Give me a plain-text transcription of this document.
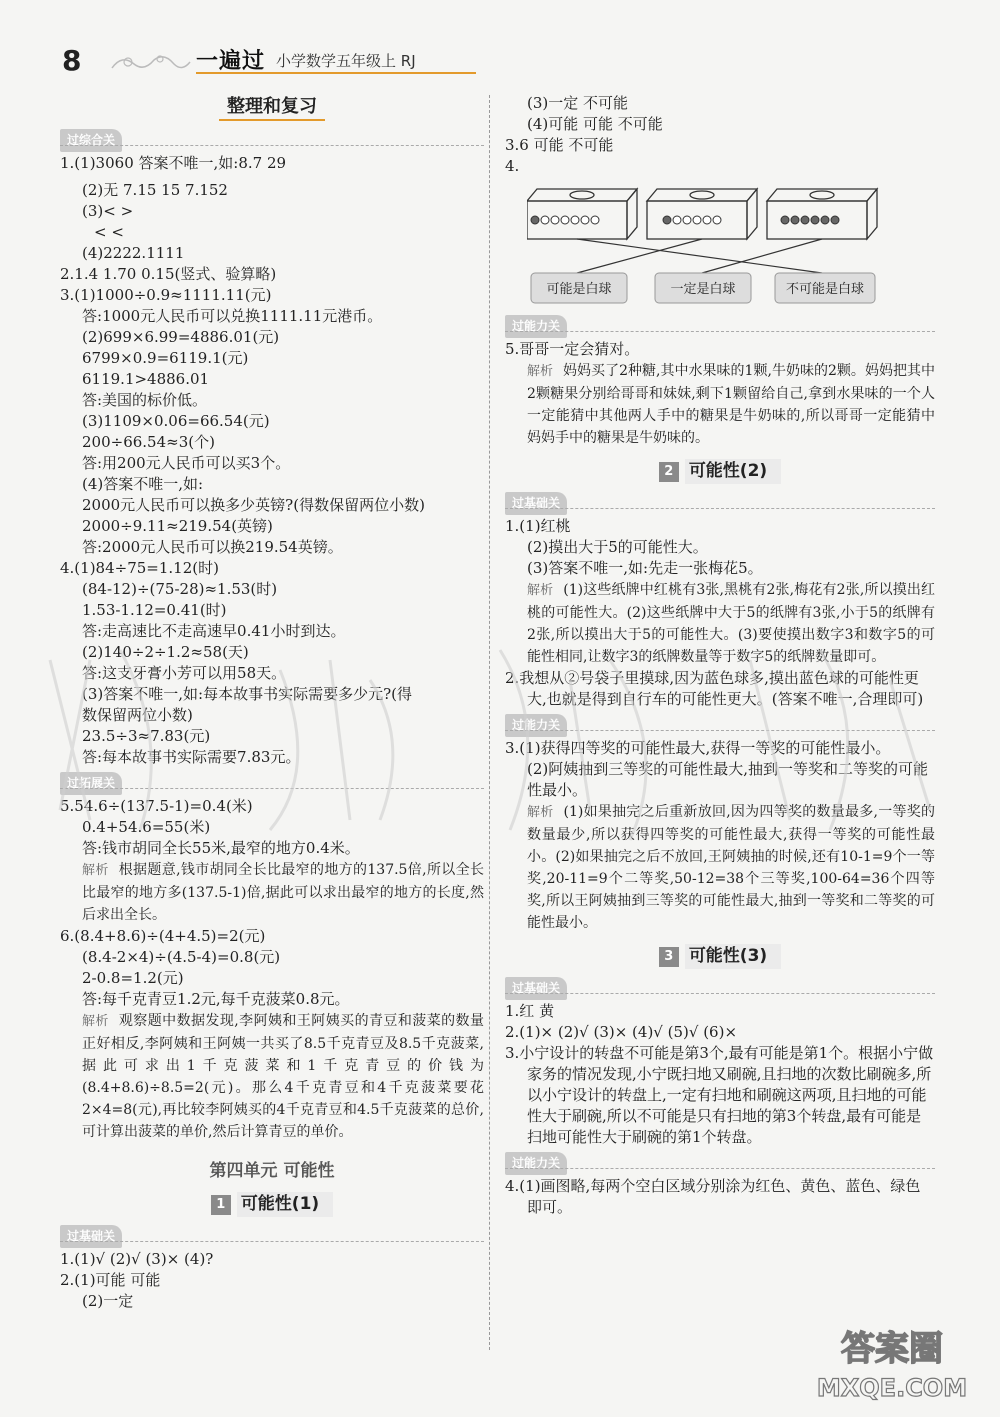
8	一遍过 小学数学五年级上 RJ
整理和复习
过综合关
1.(1)3060 答案不唯一,如:8.7 29
(2)无 7.15 15 7.152
(3)< >
< <
(4)2222.1111
2.1.4 1.70 0.15(竖式、验算略)
3.(1)1000÷0.9≈1111.11(元)
答:1000元人民币可以兑换1111.11元港币。
(2)699×6.99=4886.01(元)
6799×0.9=6119.1(元)
6119.1>4886.01
答:美国的标价低。
(3)1109×0.06=66.54(元)
200÷66.54≈3(个)
答:用200元人民币可以买3个。
(4)答案不唯一,如:
2000元人民币可以换多少英镑?(得数保留两位小数)
2000÷9.11≈219.54(英镑)
答:2000元人民币可以换219.54英镑。
4.(1)84÷75=1.12(时)
(84-12)÷(75-28)≈1.53(时)
1.53-1.12=0.41(时)
答:走高速比不走高速早0.41小时到达。
(2)140÷2÷1.2≈58(天)
答:这支牙膏小芳可以用58天。
(3)答案不唯一,如:每本故事书实际需要多少元?(得
数保留两位小数)
23.5÷3≈7.83(元)
答:每本故事书实际需要7.83元。
过拓展关
5.54.6÷(137.5-1)=0.4(米)
0.4+54.6=55(米)
答:钱市胡同全长55米,最窄的地方0.4米。
解析 根据题意,钱市胡同全长比最窄的地方的137.5倍,所以全长比最窄的地方多(137.5-1)倍,据此可以求出最窄的地方的长度,然后求出全长。
6.(8.4+8.6)÷(4+4.5)=2(元)
(8.4-2×4)÷(4.5-4)=0.8(元)
2-0.8=1.2(元)
答:每千克青豆1.2元,每千克菠菜0.8元。
解析 观察题中数据发现,李阿姨和王阿姨买的青豆和菠菜的数量正好相反,李阿姨和王阿姨一共买了8.5千克青豆及8.5千克菠菜,据此可求出1千克菠菜和1千克青豆的价钱为(8.4+8.6)÷8.5=2(元)。那么4千克青豆和4千克菠菜要花2×4=8(元),再比较李阿姨买的4千克青豆和4.5千克菠菜的总价,可计算出菠菜的单价,然后计算青豆的单价。
第四单元 可能性
1 可能性(1)
过基础关
1.(1)√ (2)√ (3)× (4)?
2.(1)可能 可能
(2)一定
(3)一定 不可能
(4)可能 可能 不可能
3.6 可能 不可能
4.
可能是白球	一定是白球	不可能是白球
过能力关
5.哥哥一定会猜对。
解析 妈妈买了2种糖,其中水果味的1颗,牛奶味的2颗。妈妈把其中2颗糖果分别给哥哥和妹妹,剩下1颗留给自己,拿到水果味的一个人一定能猜中其他两人手中的糖果是牛奶味的,所以哥哥一定能猜中妈妈手中的糖果是牛奶味的。
2 可能性(2)
过基础关
1.(1)红桃
(2)摸出大于5的可能性大。
(3)答案不唯一,如:先走一张梅花5。
解析 (1)这些纸牌中红桃有3张,黑桃有2张,梅花有2张,所以摸出红桃的可能性大。(2)这些纸牌中大于5的纸牌有3张,小于5的纸牌有2张,所以摸出大于5的可能性大。(3)要使摸出数字3和数字5的可能性相同,让数字3的纸牌数量等于数字5的纸牌数量即可。
2.我想从②号袋子里摸球,因为蓝色球多,摸出蓝色球的可能性更大,也就是得到自行车的可能性更大。(答案不唯一,合理即可)
过能力关
3.(1)获得四等奖的可能性最大,获得一等奖的可能性最小。
(2)阿姨抽到三等奖的可能性最大,抽到一等奖和二等奖的可能性最小。
解析 (1)如果抽完之后重新放回,因为四等奖的数量最多,一等奖的数量最少,所以获得四等奖的可能性最大,获得一等奖的可能性最小。(2)如果抽完之后不放回,王阿姨抽的时候,还有10-1=9个一等奖,20-11=9个二等奖,50-12=38个三等奖,100-64=36个四等奖,所以王阿姨抽到三等奖的可能性最大,抽到一等奖和二等奖的可能性最小。
3 可能性(3)
过基础关
1.红 黄
2.(1)× (2)√ (3)× (4)√ (5)√ (6)×
3.小宁设计的转盘不可能是第3个,最有可能是第1个。根据小宁做家务的情况发现,小宁既扫地又刷碗,且扫地的次数比刷碗多,所以小宁设计的转盘上,一定有扫地和刷碗这两项,且扫地的可能性大于刷碗,所以不可能是只有扫地的第3个转盘,最有可能是扫地可能性大于刷碗的第1个转盘。
过能力关
4.(1)画图略,每两个空白区域分别涂为红色、黄色、蓝色、绿色即可。
答案圈
MXQE.COM
